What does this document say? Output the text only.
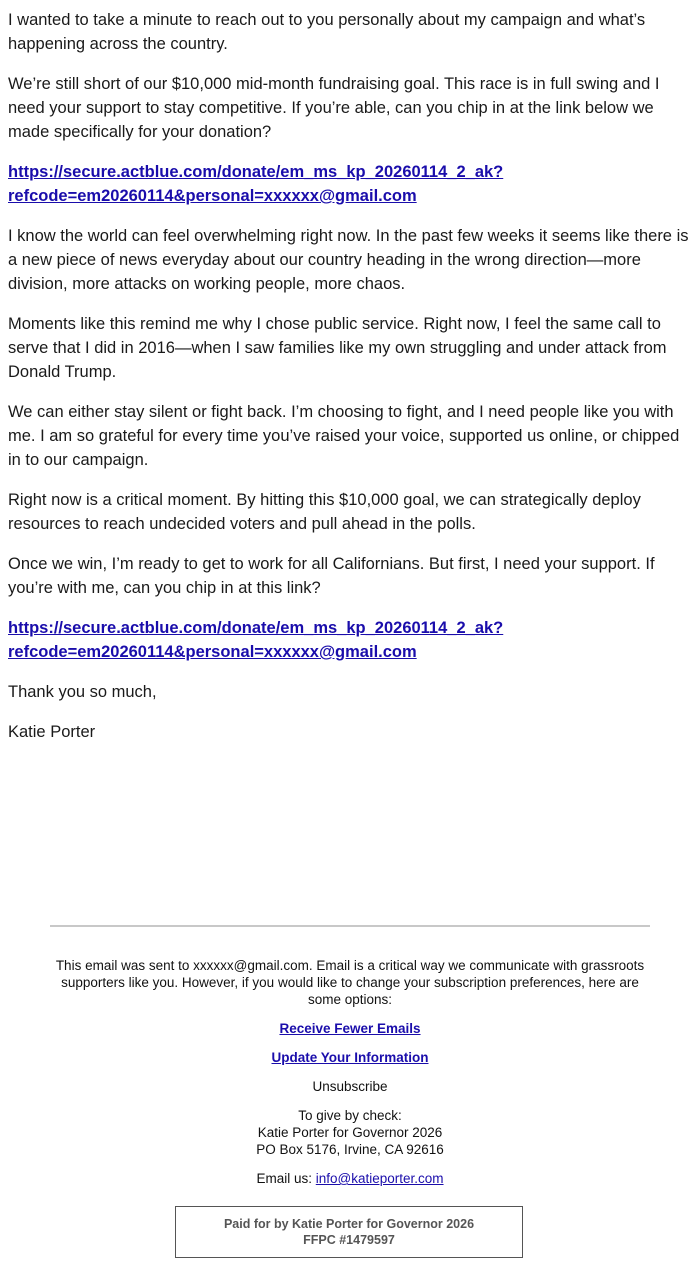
I wanted to take a minute to reach out to you personally about my campaign and what’s happening across the country.

We’re still short of our $10,000 mid-month fundraising goal. This race is in full swing and I need your support to stay competitive. If you’re able, can you chip in at the link below we made specifically for your donation?

https://secure.actblue.com/donate/em_ms_kp_20260114_2_ak?
refcode=em20260114&personal=xxxxxx@gmail.com

I know the world can feel overwhelming right now. In the past few weeks it seems like there is a new piece of news everyday about our country heading in the wrong direction—more division, more attacks on working people, more chaos.

Moments like this remind me why I chose public service. Right now, I feel the same call to serve that I did in 2016—when I saw families like my own struggling and under attack from Donald Trump.

We can either stay silent or fight back. I’m choosing to fight, and I need people like you with me. I am so grateful for every time you’ve raised your voice, supported us online, or chipped in to our campaign.

Right now is a critical moment. By hitting this $10,000 goal, we can strategically deploy resources to reach undecided voters and pull ahead in the polls.

Once we win, I’m ready to get to work for all Californians. But first, I need your support. If you’re with me, can you chip in at this link?

https://secure.actblue.com/donate/em_ms_kp_20260114_2_ak?
refcode=em20260114&personal=xxxxxx@gmail.com

Thank you so much,

Katie Porter

This email was sent to xxxxxx@gmail.com. Email is a critical way we communicate with grassroots supporters like you. However, if you would like to change your subscription preferences, here are some options:

Receive Fewer Emails

Update Your Information

Unsubscribe

To give by check:
Katie Porter for Governor 2026
PO Box 5176, Irvine, CA 92616

Email us: info@katieporter.com

Paid for by Katie Porter for Governor 2026
FFPC #1479597
